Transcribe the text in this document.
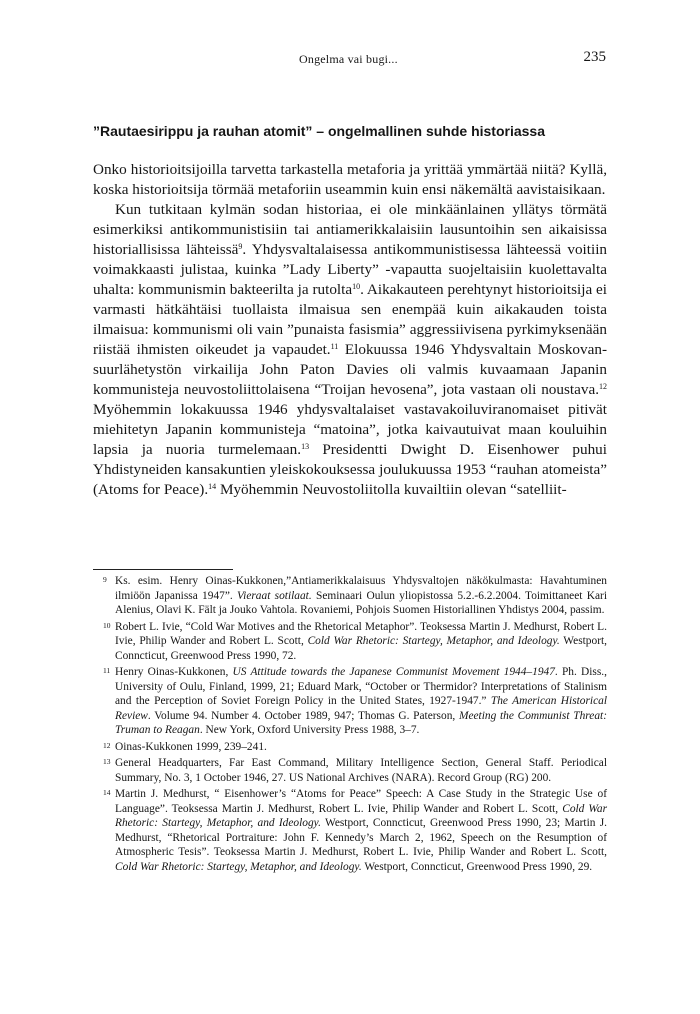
Ongelma vai bugi...	235
”Rautaesirippu ja rauhan atomit” – ongelmallinen suhde historiassa

Onko historioitsijoilla tarvetta tarkastella metaforia ja yrittää ymmärtää niitä? Kyllä, koska historioitsija törmää metaforiin useammin kuin ensi näkemältä aavistaisikaan.

Kun tutkitaan kylmän sodan historiaa, ei ole minkäänlainen yllätys törmätä esimerkiksi antikommunistisiin tai antiamerikkalaisiin lausuntoihin sen aikaisissa historiallisissa lähteissä$^9$. Yhdysvaltalaisessa antikommunistisessa lähteessä voitiin voimakkaasti julistaa, kuinka ”Lady Liberty” -vapautta suojeltaisiin kuolettavalta uhalta: kommunismin bakteerilta ja rutolta$^{10}$. Aikakauteen perehtynyt historioitsija ei varmasti hätkähtäisi tuollaista ilmaisua sen enempää kuin aikakauden toista ilmaisua: kommunismi oli vain ”punaista fasismia” aggressiivisena pyrkimyksenään riistää ihmisten oikeudet ja vapaudet.$^{11}$ Elokuussa 1946 Yhdysvaltain Moskovan-suurlähetystön virkailija John Paton Davies oli valmis kuvaamaan Japanin kommunisteja neuvostoliittolaisena “Troijan hevosena”, jota vastaan oli noustava.$^{12}$ Myöhemmin lokakuussa 1946 yhdysvaltalaiset vastavakoiluviranomaiset pitivät miehitetyn Japanin kommunisteja “matoina”, jotka kaivautuivat maan kouluihin lapsia ja nuoria turmelemaan.$^{13}$ Presidentti Dwight D. Eisenhower puhui Yhdistyneiden kansakuntien yleiskokouksessa joulukuussa 1953 “rauhan atomeista” (Atoms for Peace).$^{14}$ Myöhemmin Neuvostoliitolla kuvailtiin olevan “satelliit-

9 Ks. esim. Henry Oinas-Kukkonen,”Antiamerikkalaisuus Yhdysvaltojen näkökulmasta: Havahtuminen ilmiöön Japanissa 1947”. Vieraat sotilaat. Seminaari Oulun yliopistossa 5.2.-6.2.2004. Toimittaneet Kari Alenius, Olavi K. Fält ja Jouko Vahtola. Rovaniemi, Pohjois Suomen Historiallinen Yhdistys 2004, passim.

10 Robert L. Ivie, “Cold War Motives and the Rhetorical Metaphor”. Teoksessa Martin J. Medhurst, Robert L. Ivie, Philip Wander and Robert L. Scott, Cold War Rhetoric: Startegy, Metaphor, and Ideology. Westport, Conncticut, Greenwood Press 1990, 72.

11 Henry Oinas-Kukkonen, US Attitude towards the Japanese Communist Movement 1944–1947. Ph. Diss., University of Oulu, Finland, 1999, 21; Eduard Mark, “October or Thermidor? Interpretations of Stalinism and the Perception of Soviet Foreign Policy in the United States, 1927-1947.” The American Historical Review. Volume 94. Number 4. October 1989, 947; Thomas G. Paterson, Meeting the Communist Threat: Truman to Reagan. New York, Oxford University Press 1988, 3–7.

12 Oinas-Kukkonen 1999, 239–241.

13 General Headquarters, Far East Command, Military Intelligence Section, General Staff. Periodical Summary, No. 3, 1 October 1946, 27. US National Archives (NARA). Record Group (RG) 200.

14 Martin J. Medhurst, “ Eisenhower’s “Atoms for Peace” Speech: A Case Study in the Strategic Use of Language”. Teoksessa Martin J. Medhurst, Robert L. Ivie, Philip Wander and Robert L. Scott, Cold War Rhetoric: Startegy, Metaphor, and Ideology. Westport, Conncticut, Greenwood Press 1990, 23; Martin J. Medhurst, “Rhetorical Portraiture: John F. Kennedy’s March 2, 1962, Speech on the Resumption of Atmospheric Tesis”. Teoksessa Martin J. Medhurst, Robert L. Ivie, Philip Wander and Robert L. Scott, Cold War Rhetoric: Startegy, Metaphor, and Ideology. Westport, Conncticut, Greenwood Press 1990, 29.
